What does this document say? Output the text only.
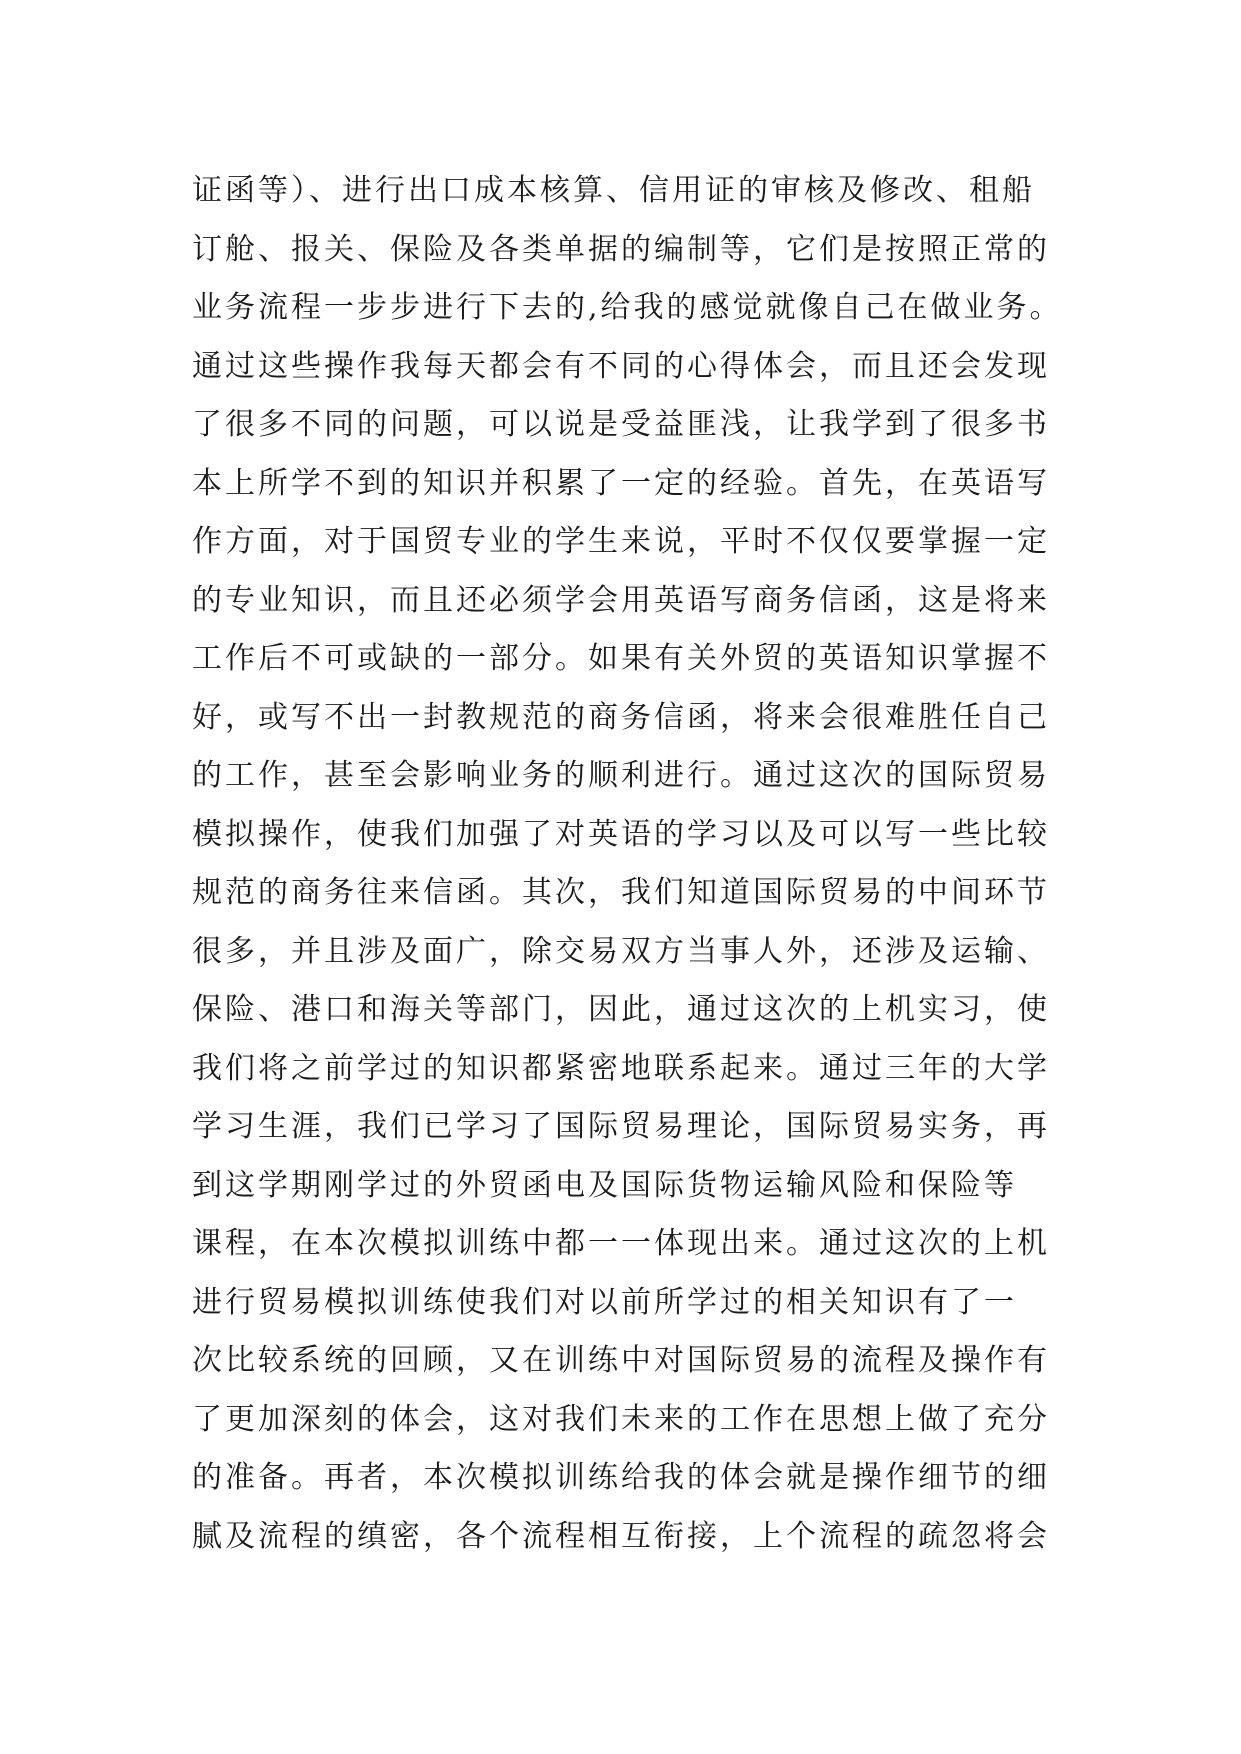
证函等）、进行出口成本核算、信用证的审核及修改、租船
订舱、报关、保险及各类单据的编制等，它们是按照正常的
业务流程一步步进行下去的,给我的感觉就像自己在做业务。
通过这些操作我每天都会有不同的心得体会，而且还会发现
了很多不同的问题，可以说是受益匪浅，让我学到了很多书
本上所学不到的知识并积累了一定的经验。首先，在英语写
作方面，对于国贸专业的学生来说，平时不仅仅要掌握一定
的专业知识，而且还必须学会用英语写商务信函，这是将来
工作后不可或缺的一部分。如果有关外贸的英语知识掌握不
好，或写不出一封教规范的商务信函，将来会很难胜任自己
的工作，甚至会影响业务的顺利进行。通过这次的国际贸易
模拟操作，使我们加强了对英语的学习以及可以写一些比较
规范的商务往来信函。其次，我们知道国际贸易的中间环节
很多，并且涉及面广，除交易双方当事人外，还涉及运输、
保险、港口和海关等部门，因此，通过这次的上机实习，使
我们将之前学过的知识都紧密地联系起来。通过三年的大学
学习生涯，我们已学习了国际贸易理论，国际贸易实务，再
到这学期刚学过的外贸函电及国际货物运输风险和保险等
课程，在本次模拟训练中都一一体现出来。通过这次的上机
进行贸易模拟训练使我们对以前所学过的相关知识有了一
次比较系统的回顾，又在训练中对国际贸易的流程及操作有
了更加深刻的体会，这对我们未来的工作在思想上做了充分
的准备。再者，本次模拟训练给我的体会就是操作细节的细
腻及流程的缜密，各个流程相互衔接，上个流程的疏忽将会
